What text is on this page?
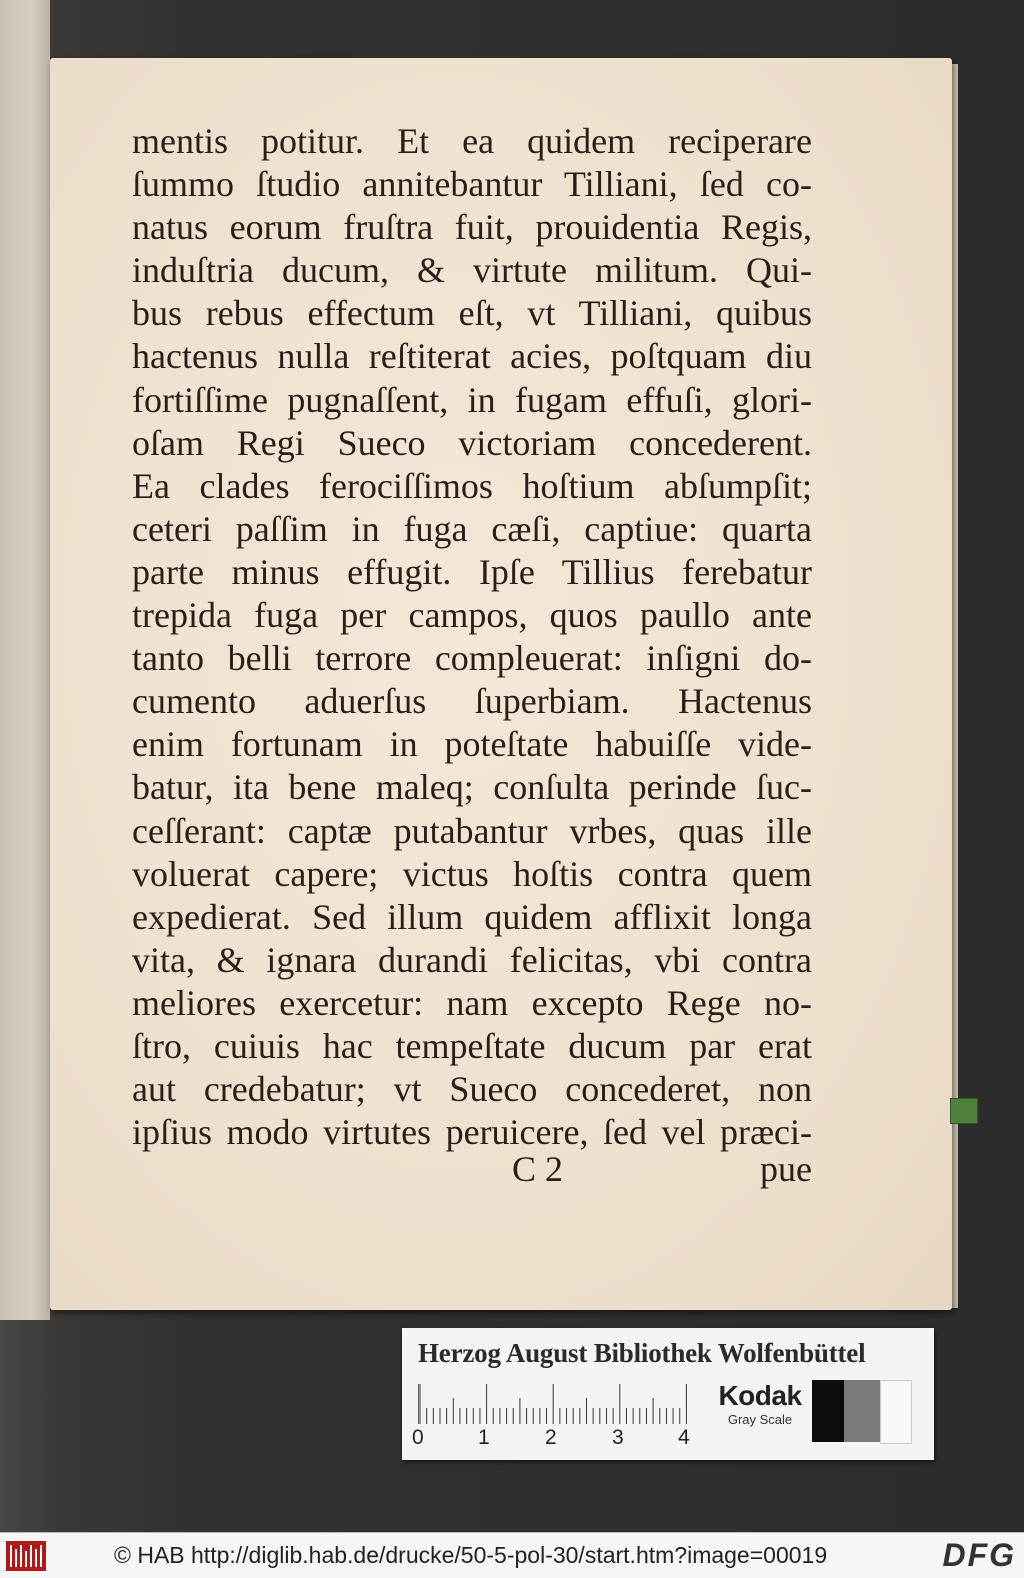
mentis potitur. Et ea quidem reciperare
ſummo ſtudio annitebantur Tilliani, ſed co-
natus eorum fruſtra fuit, prouidentia Regis,
induſtria ducum, & virtute militum. Qui-
bus rebus effectum eſt, vt Tilliani, quibus
hactenus nulla reſtiterat acies, poſtquam diu
fortiſſime pugnaſſent, in fugam effuſi, glori-
oſam Regi Sueco victoriam concederent.
Ea clades ferociſſimos hoſtium abſumpſit;
ceteri paſſim in fuga cæſi, captiue: quarta
parte minus effugit. Ipſe Tillius ferebatur
trepida fuga per campos, quos paullo ante
tanto belli terrore compleuerat: inſigni do-
cumento aduerſus ſuperbiam. Hactenus
enim fortunam in poteſtate habuiſſe vide-
batur, ita bene maleq; conſulta perinde ſuc-
ceſſerant: captæ putabantur vrbes, quas ille
voluerat capere; victus hoſtis contra quem
expedierat. Sed illum quidem afflixit longa
vita, & ignara durandi felicitas, vbi contra
meliores exercetur: nam excepto Rege no-
ſtro, cuiuis hac tempeſtate ducum par erat
aut credebatur; vt Sueco concederet, non
ipſius modo virtutes peruicere, ſed vel præci-
C 2	pue
Herzog August Bibliothek Wolfenbüttel
0	1	2	3	4
Kodak
Gray Scale
© HAB http://diglib.hab.de/drucke/50-5-pol-30/start.htm?image=00019	DFG
